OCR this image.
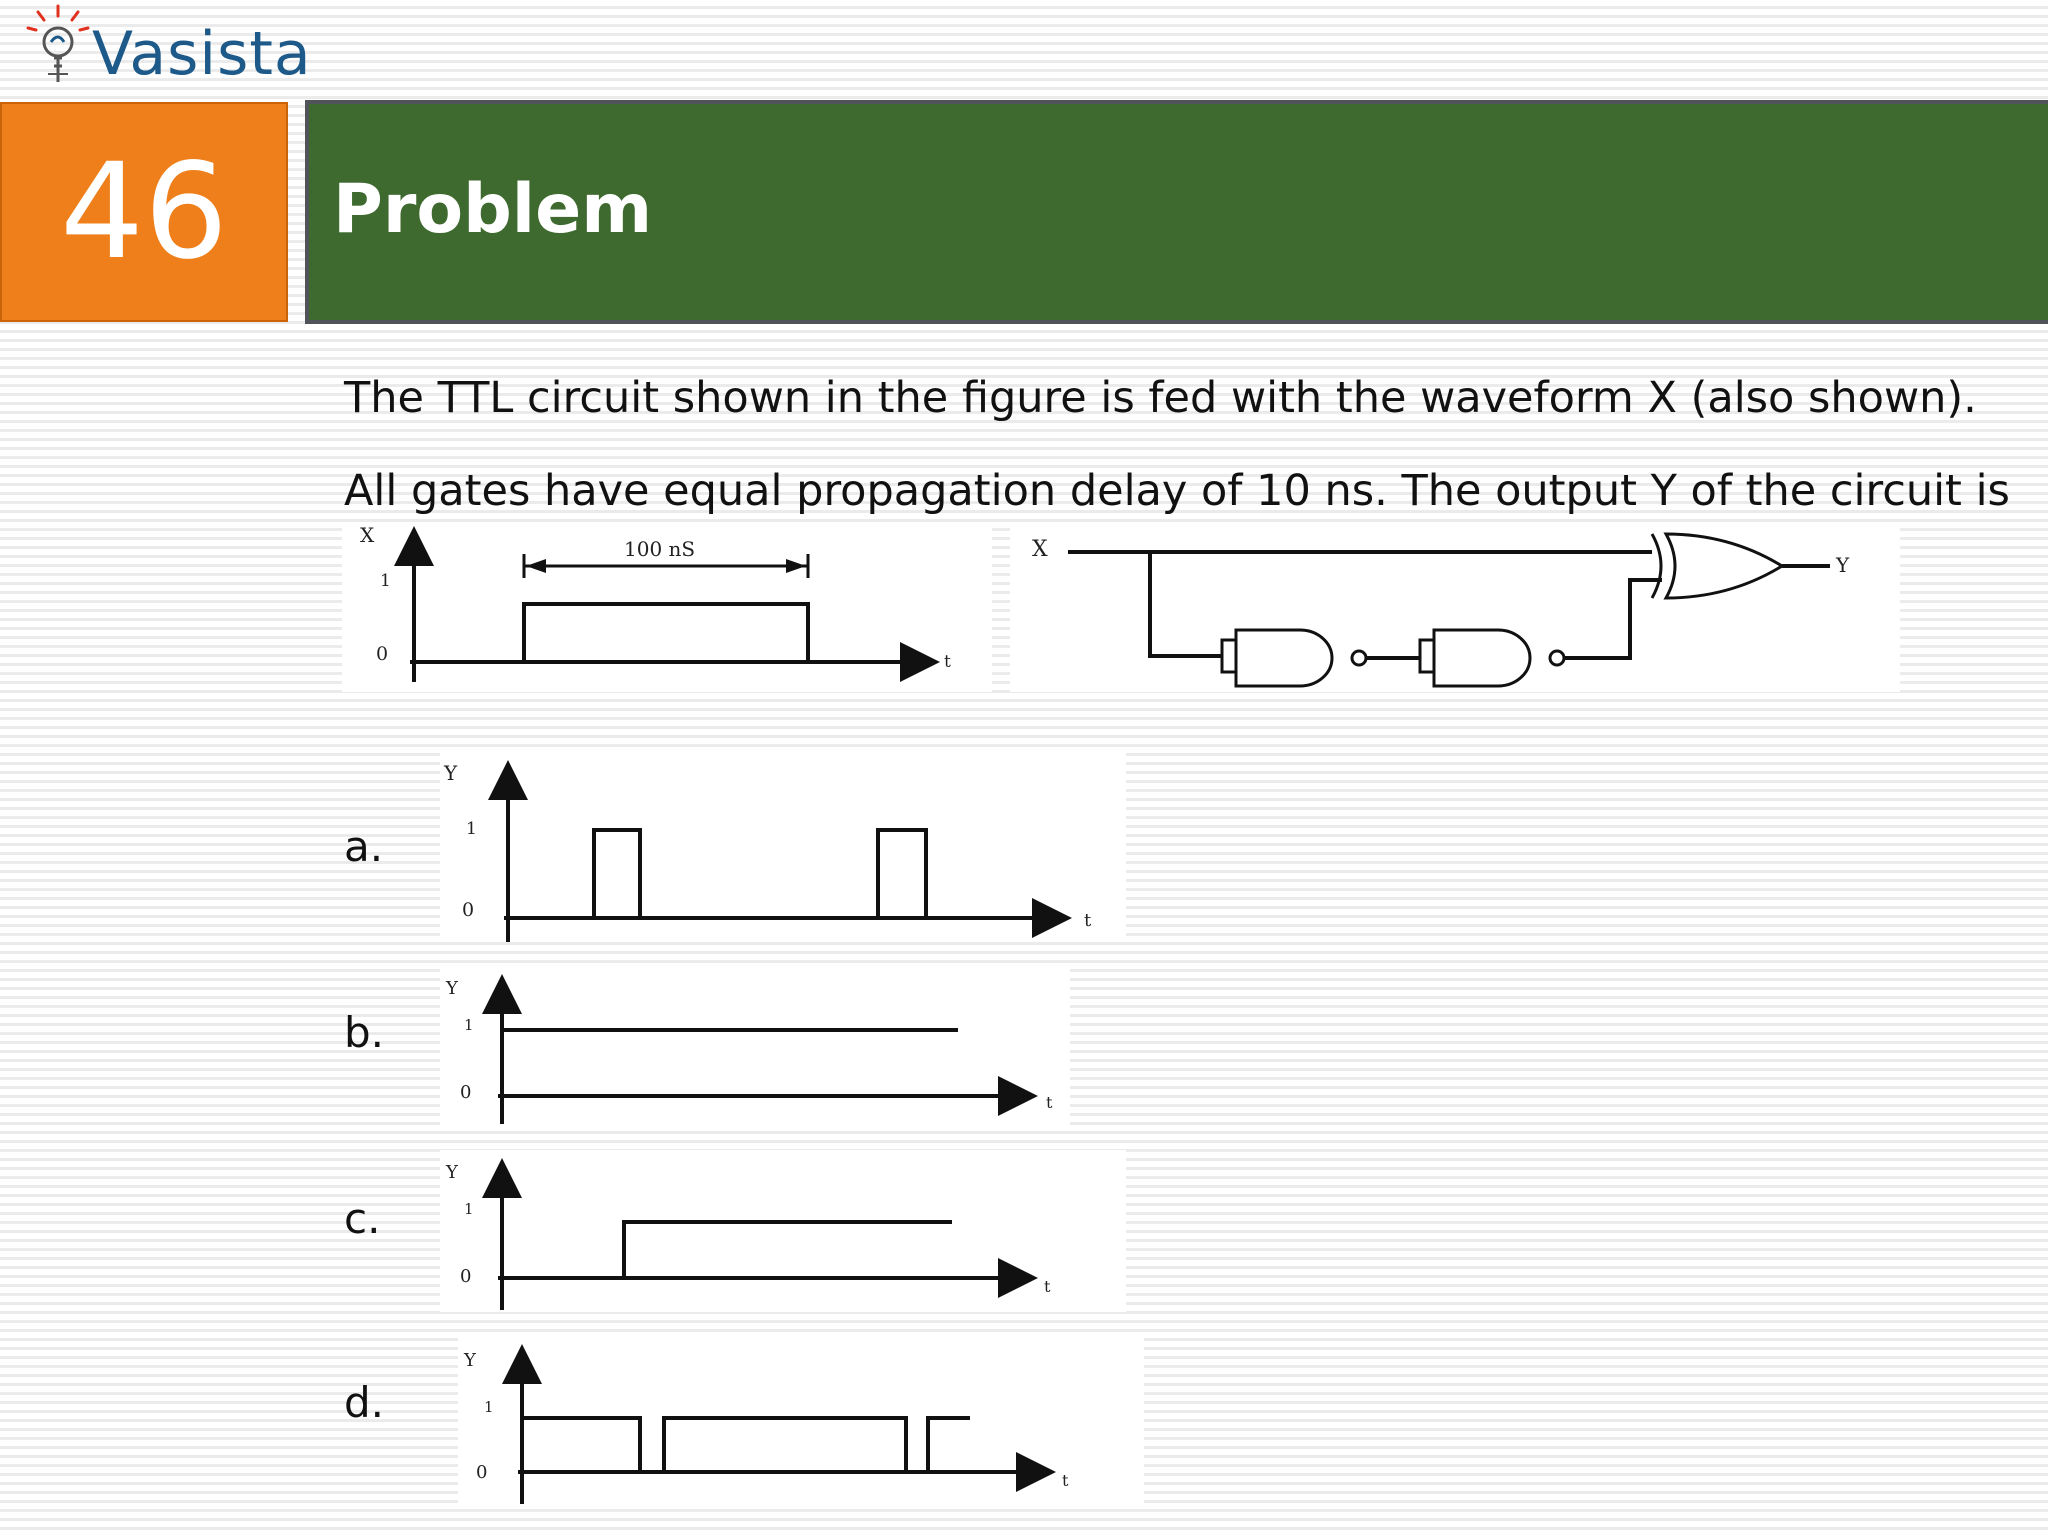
Vasista
46	Problem
The TTL circuit shown in the figure is fed with the waveform X (also shown). All gates have equal propagation delay of 10 ns. The output Y of the circuit is
X
1
0	t
100 nS	X
Y
a.
Y
1
0	t
b.
Y
1
0	t
c.
Y
1
0	t
d.
Y
1
0	t
